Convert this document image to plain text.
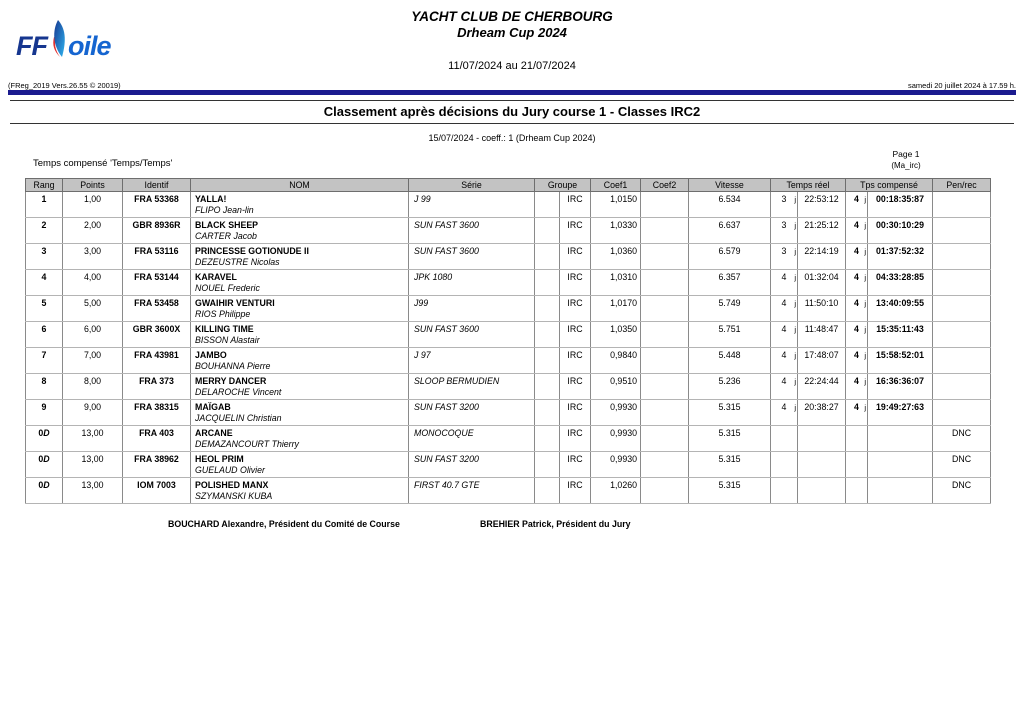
FF oile
YACHT CLUB DE CHERBOURG
Drheam Cup 2024
11/07/2024 au 21/07/2024
(FReg_2019 Vers.26.55 © 20019)	samedi 20 juillet 2024 à 17.59 h.
Classement après décisions du Jury course 1 - Classes IRC2
15/07/2024 - coeff.: 1 (Drheam Cup 2024)
Temps compensé 'Temps/Temps'
Page 1
(Ma_irc)
Rang	Points	Identif	NOM	Série	Groupe		Coef1	Coef2	Vitesse	Temps réel		Tps compensé		Pen/rec
1	1,00	FRA 53368	YALLA!
FLIPO Jean-lin
	J 99		IRC	1,0150		6.534	3 j	22:53:12	4 j	00:18:35:87	
2	2,00	GBR 8936R	BLACK SHEEP
CARTER Jacob
	SUN FAST 3600		IRC	1,0330		6.637	3 j	21:25:12	4 j	00:30:10:29	
3	3,00	FRA 53116	PRINCESSE GOTIONUDE II
DEZEUSTRE Nicolas
	SUN FAST 3600		IRC	1,0360		6.579	3 j	22:14:19	4 j	01:37:52:32	
4	4,00	FRA 53144	KARAVEL
NOUEL Frederic
	JPK 1080		IRC	1,0310		6.357	4 j	01:32:04	4 j	04:33:28:85	
5	5,00	FRA 53458	GWAIHIR VENTURI
RIOS Philippe
	J99		IRC	1,0170		5.749	4 j	11:50:10	4 j	13:40:09:55	
6	6,00	GBR 3600X	KILLING TIME
BISSON Alastair
	SUN FAST 3600		IRC	1,0350		5.751	4 j	11:48:47	4 j	15:35:11:43	
7	7,00	FRA 43981	JAMBO
BOUHANNA Pierre
	J 97		IRC	0,9840		5.448	4 j	17:48:07	4 j	15:58:52:01	
8	8,00	FRA 373	MERRY DANCER
DELAROCHE Vincent
	SLOOP BERMUDIEN		IRC	0,9510		5.236	4 j	22:24:44	4 j	16:36:36:07	
9	9,00	FRA 38315	MAÏGAB
JACQUELIN Christian
	SUN FAST 3200		IRC	0,9930		5.315	4 j	20:38:27	4 j	19:49:27:63	
0D	13,00	FRA 403	ARCANE
DEMAZANCOURT Thierry	MONOCOQUE		IRC	0,9930		5.315					DNC
0D	13,00	FRA 38962	HEOL PRIM
GUELAUD Olivier	SUN FAST 3200		IRC	0,9930		5.315					DNC
0D	13,00	IOM 7003	POLISHED MANX
SZYMANSKI KUBA	FIRST 40.7 GTE		IRC	1,0260		5.315					DNC
BOUCHARD Alexandre, Président du Comité de Course	BREHIER Patrick, Président du Jury
